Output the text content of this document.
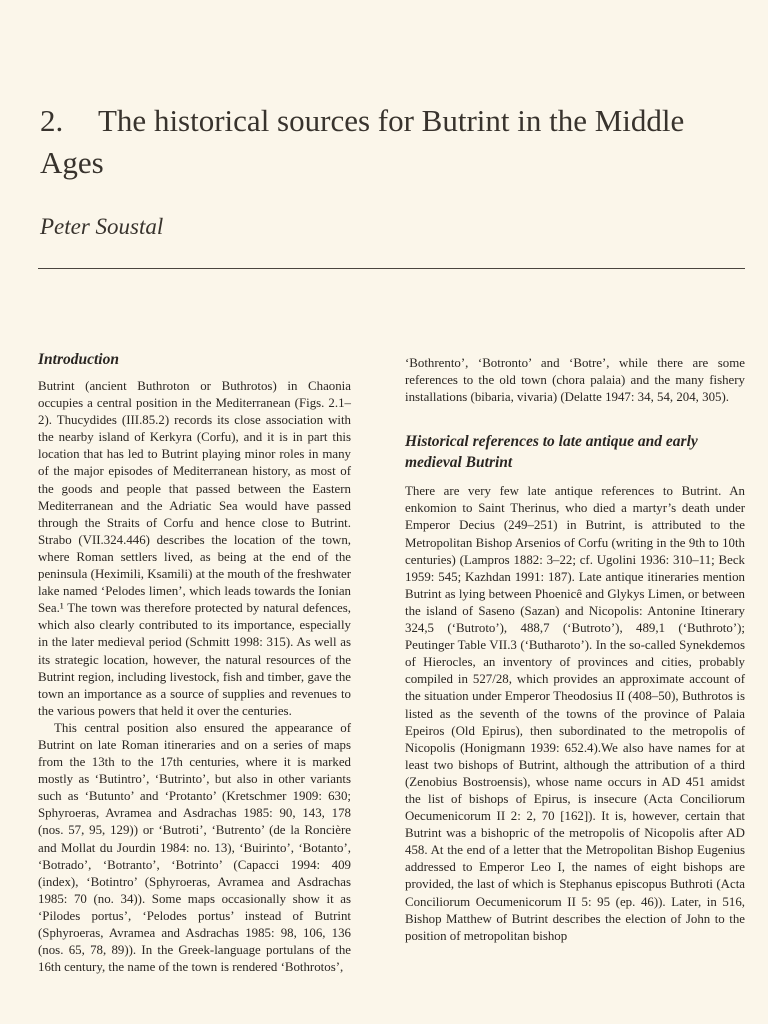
2. The historical sources for Butrint in the Middle Ages

Peter Soustal

Introduction

Butrint (ancient Buthroton or Buthrotos) in Chaonia occupies a central position in the Mediterranean (Figs. 2.1–2). Thucydides (III.85.2) records its close association with the nearby island of Kerkyra (Corfu), and it is in part this location that has led to Butrint playing minor roles in many of the major episodes of Mediterranean history, as most of the goods and people that passed between the Eastern Mediterranean and the Adriatic Sea would have passed through the Straits of Corfu and hence close to Butrint. Strabo (VII.324.446) describes the location of the town, where Roman settlers lived, as being at the end of the peninsula (Heximili, Ksamili) at the mouth of the freshwater lake named ‘Pelodes limen’, which leads towards the Ionian Sea.¹ The town was therefore protected by natural defences, which also clearly contributed to its importance, especially in the later medieval period (Schmitt 1998: 315). As well as its strategic location, however, the natural resources of the Butrint region, including livestock, fish and timber, gave the town an importance as a source of supplies and revenues to the various powers that held it over the centuries.

This central position also ensured the appearance of Butrint on late Roman itineraries and on a series of maps from the 13th to the 17th centuries, where it is marked mostly as ‘Butintro’, ‘Butrinto’, but also in other variants such as ‘Butunto’ and ‘Protanto’ (Kretschmer 1909: 630; Sphyroeras, Avramea and Asdrachas 1985: 90, 143, 178 (nos. 57, 95, 129)) or ‘Butroti’, ‘Butrento’ (de la Roncière and Mollat du Jourdin 1984: no. 13), ‘Buirinto’, ‘Botanto’, ‘Botrado’, ‘Botranto’, ‘Botrinto’ (Capacci 1994: 409 (index), ‘Botintro’ (Sphyroeras, Avramea and Asdrachas 1985: 70 (no. 34)). Some maps occasionally show it as ‘Pilodes portus’, ‘Pelodes portus’ instead of Butrint (Sphyroeras, Avramea and Asdrachas 1985: 98, 106, 136 (nos. 65, 78, 89)). In the Greek-language portulans of the 16th century, the name of the town is rendered ‘Bothrotos’,

‘Bothrento’, ‘Botronto’ and ‘Botre’, while there are some references to the old town (chora palaia) and the many fishery installations (bibaria, vivaria) (Delatte 1947: 34, 54, 204, 305).

Historical references to late antique and early medieval Butrint

There are very few late antique references to Butrint. An enkomion to Saint Therinus, who died a martyr’s death under Emperor Decius (249–251) in Butrint, is attributed to the Metropolitan Bishop Arsenios of Corfu (writing in the 9th to 10th centuries) (Lampros 1882: 3–22; cf. Ugolini 1936: 310–11; Beck 1959: 545; Kazhdan 1991: 187). Late antique itineraries mention Butrint as lying between Phoenicê and Glykys Limen, or between the island of Saseno (Sazan) and Nicopolis: Antonine Itinerary 324,5 (‘Butroto’), 488,7 (‘Butroto’), 489,1 (‘Buthroto’); Peutinger Table VII.3 (‘Butharoto’). In the so-called Synekdemos of Hierocles, an inventory of provinces and cities, probably compiled in 527/28, which provides an approximate account of the situation under Emperor Theodosius II (408–50), Buthrotos is listed as the seventh of the towns of the province of Palaia Epeiros (Old Epirus), then subordinated to the metropolis of Nicopolis (Honigmann 1939: 652.4).We also have names for at least two bishops of Butrint, although the attribution of a third (Zenobius Bostroensis), whose name occurs in AD 451 amidst the list of bishops of Epirus, is insecure (Acta Conciliorum Oecumenicorum II 2: 2, 70 [162]). It is, however, certain that Butrint was a bishopric of the metropolis of Nicopolis after AD 458. At the end of a letter that the Metropolitan Bishop Eugenius addressed to Emperor Leo I, the names of eight bishops are provided, the last of which is Stephanus episcopus Buthroti (Acta Conciliorum Oecumenicorum II 5: 95 (ep. 46)). Later, in 516, Bishop Matthew of Butrint describes the election of John to the position of metropolitan bishop
